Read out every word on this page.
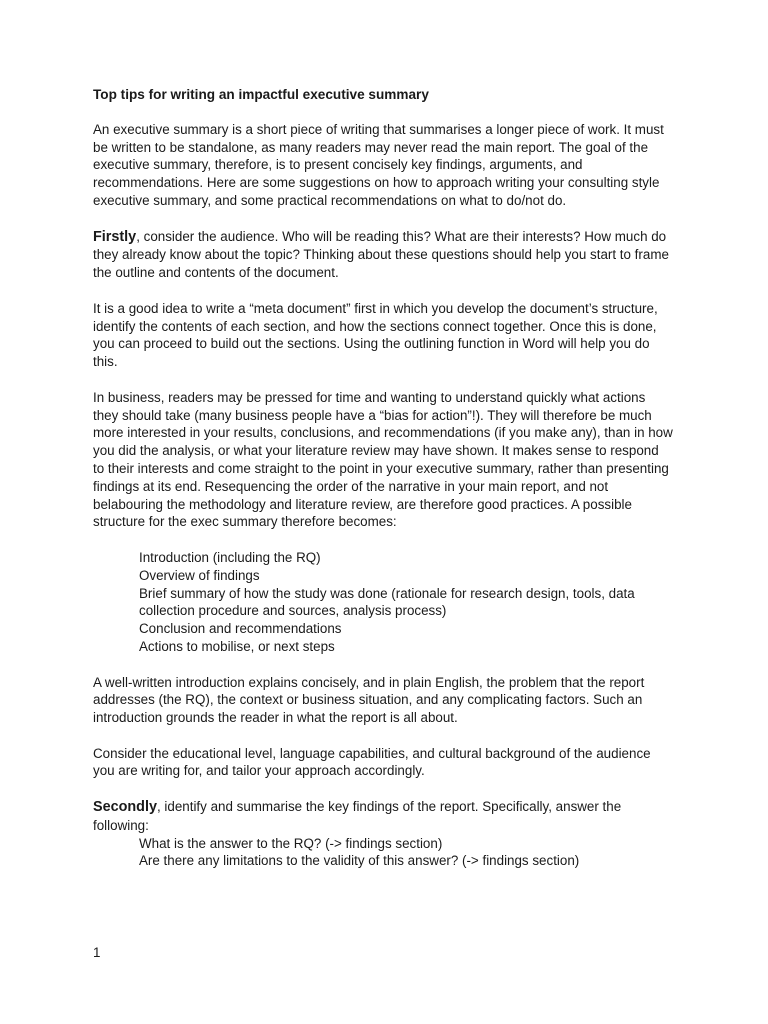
Top tips for writing an impactful executive summary

An executive summary is a short piece of writing that summarises a longer piece of work. It must be written to be standalone, as many readers may never read the main report. The goal of the executive summary, therefore, is to present concisely key findings, arguments, and recommendations. Here are some suggestions on how to approach writing your consulting style executive summary, and some practical recommendations on what to do/not do.

Firstly, consider the audience. Who will be reading this? What are their interests? How much do they already know about the topic? Thinking about these questions should help you start to frame the outline and contents of the document.

It is a good idea to write a “meta document” first in which you develop the document’s structure, identify the contents of each section, and how the sections connect together. Once this is done, you can proceed to build out the sections. Using the outlining function in Word will help you do this.

In business, readers may be pressed for time and wanting to understand quickly what actions they should take (many business people have a “bias for action”!). They will therefore be much more interested in your results, conclusions, and recommendations (if you make any), than in how you did the analysis, or what your literature review may have shown. It makes sense to respond to their interests and come straight to the point in your executive summary, rather than presenting findings at its end. Resequencing the order of the narrative in your main report, and not belabouring the methodology and literature review, are therefore good practices. A possible structure for the exec summary therefore becomes:

Introduction (including the RQ)
Overview of findings
Brief summary of how the study was done (rationale for research design, tools, data collection procedure and sources, analysis process)
Conclusion and recommendations
Actions to mobilise, or next steps

A well-written introduction explains concisely, and in plain English, the problem that the report addresses (the RQ), the context or business situation, and any complicating factors. Such an introduction grounds the reader in what the report is all about.

Consider the educational level, language capabilities, and cultural background of the audience you are writing for, and tailor your approach accordingly.

Secondly, identify and summarise the key findings of the report. Specifically, answer the following:

What is the answer to the RQ? (-> findings section)
Are there any limitations to the validity of this answer? (-> findings section)
1
